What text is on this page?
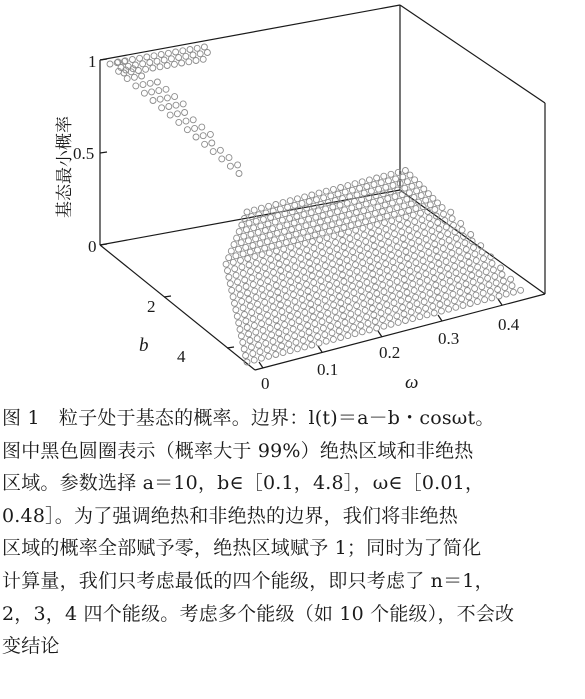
1
0.5
0
2
4
0
0.1
0.2
0.3
0.4
基态最小概率
b
ω
图 1　粒子处于基态的概率。边界：l(t)＝a－b・cosωt。
图中黑色圆圈表示（概率大于 99%）绝热区域和非绝热
区域。参数选择 a＝10，b∈［0.1，4.8］，ω∈［0.01，
0.48］。为了强调绝热和非绝热的边界，我们将非绝热
区域的概率全部赋予零，绝热区域赋予 1；同时为了简化
计算量，我们只考虑最低的四个能级，即只考虑了 n＝1，
2，3，4 四个能级。考虑多个能级（如 10 个能级），不会改
变结论
